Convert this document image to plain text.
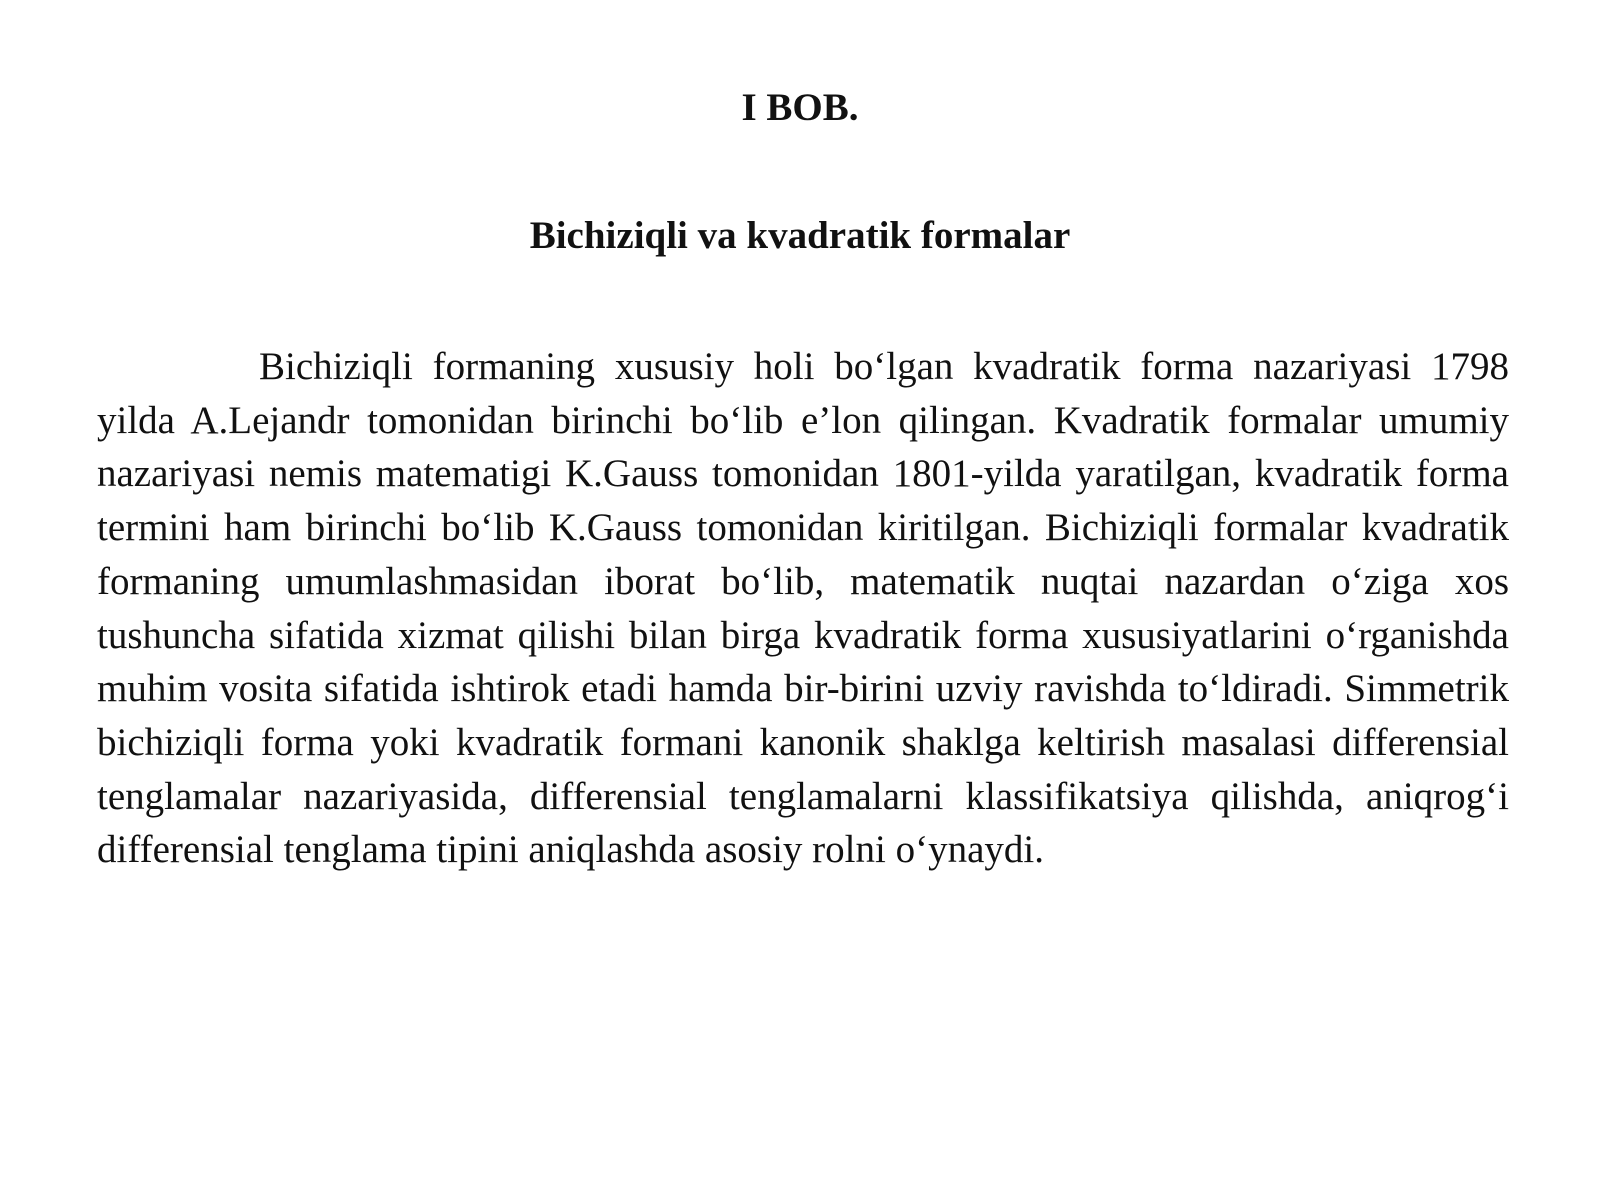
I BOB.
Bichiziqli va kvadratik formalar

Bichiziqli formaning xususiy holi bo‘lgan kvadratik forma nazariyasi 1798 yilda A.Lejandr tomonidan birinchi bo‘lib e’lon qilingan. Kvadratik formalar umumiy nazariyasi nemis matematigi K.Gauss tomonidan 1801-yilda yaratilgan, kvadratik forma termini ham birinchi bo‘lib K.Gauss tomonidan kiritilgan. Bichiziqli formalar kvadratik formaning umumlashmasidan iborat bo‘lib, matematik nuqtai nazardan o‘ziga xos tushuncha sifatida xizmat qilishi bilan birga kvadratik forma xususiyatlarini o‘rganishda muhim vosita sifatida ishtirok etadi hamda bir-birini uzviy ravishda to‘ldiradi. Simmetrik bichiziqli forma yoki kvadratik formani kanonik shaklga keltirish masalasi differensial tenglamalar nazariyasida, differensial tenglamalarni klassifikatsiya qilishda, aniqrog‘i differensial tenglama tipini aniqlashda asosiy rolni o‘ynaydi.
